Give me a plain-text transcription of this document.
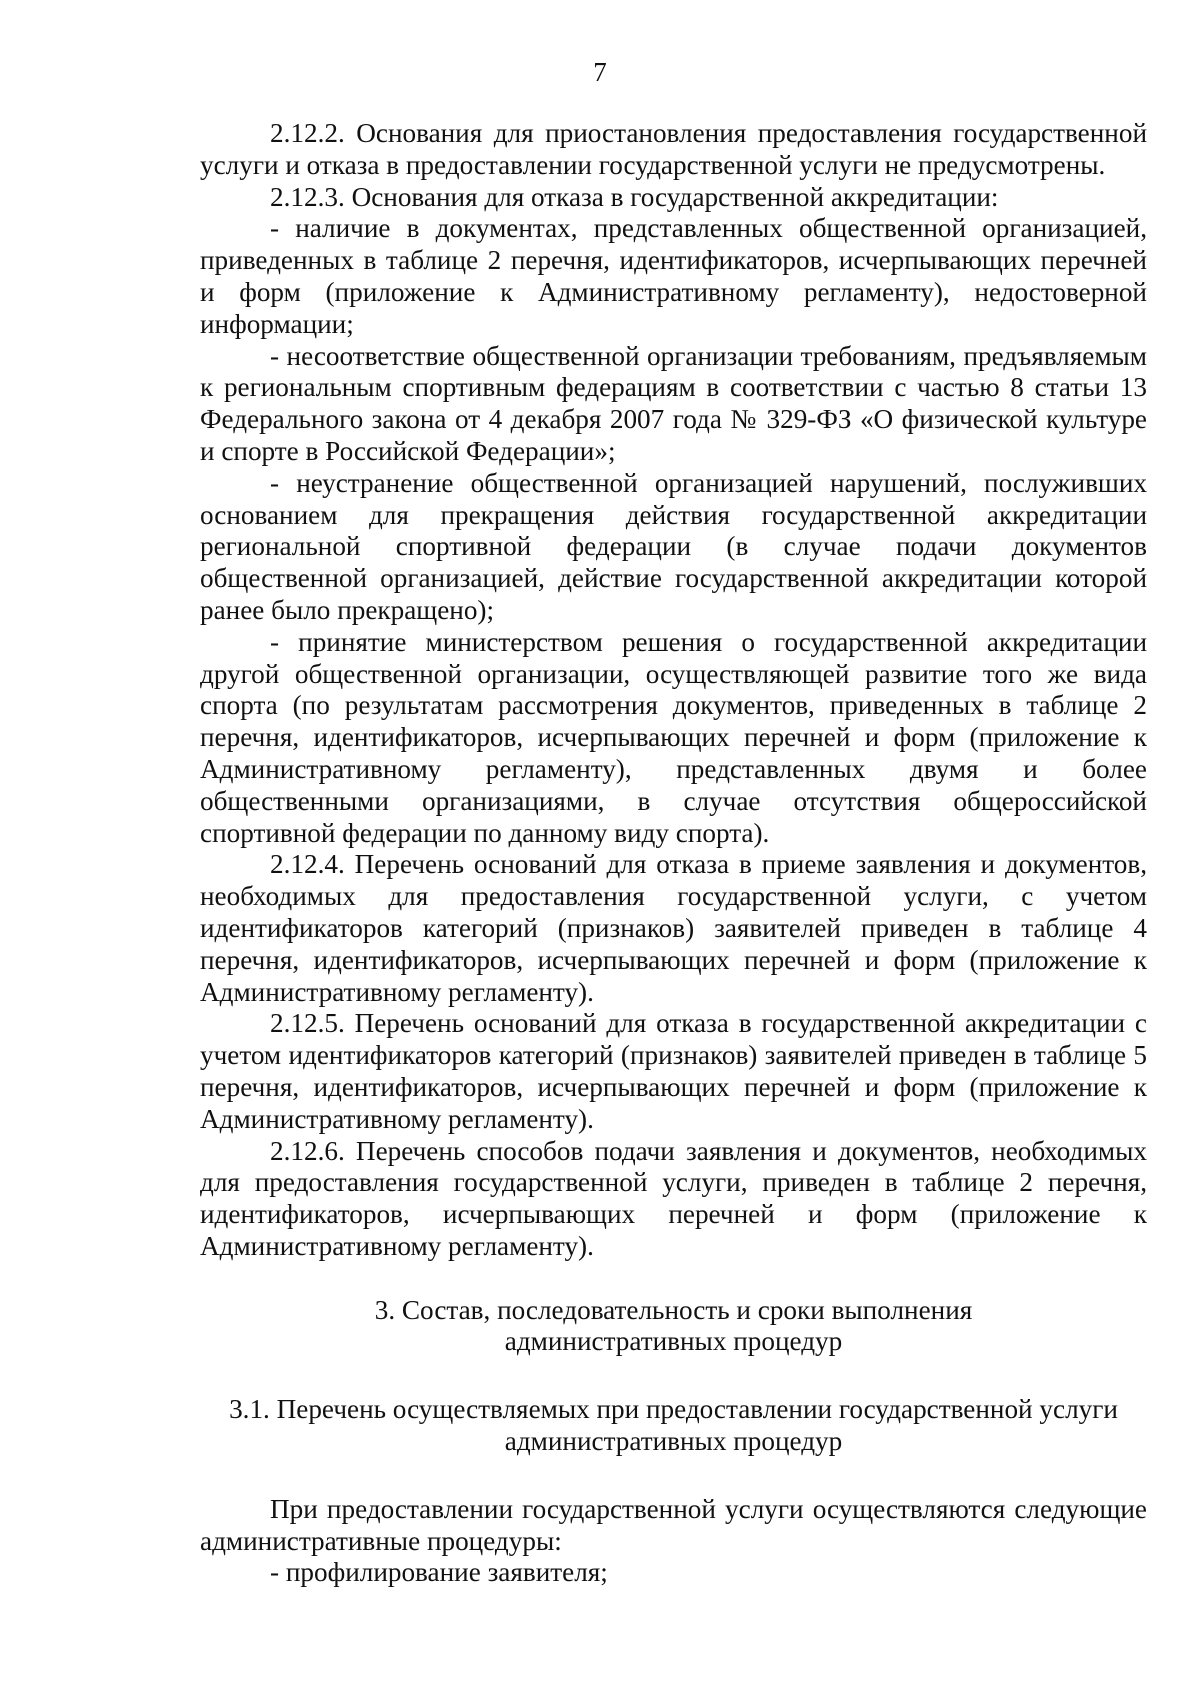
7

2.12.2. Основания для приостановления предоставления государственной услуги и отказа в предоставлении государственной услуги не предусмотрены.

2.12.3. Основания для отказа в государственной аккредитации:

- наличие в документах, представленных общественной организацией, приведенных в таблице 2 перечня, идентификаторов, исчерпывающих перечней и форм (приложение к Административному регламенту), недостоверной информации;

- несоответствие общественной организации требованиям, предъявляемым к региональным спортивным федерациям в соответствии с частью 8 статьи 13 Федерального закона от 4 декабря 2007 года № 329-ФЗ «О физической культуре и спорте в Российской Федерации»;

- неустранение общественной организацией нарушений, послуживших основанием для прекращения действия государственной аккредитации региональной спортивной федерации (в случае подачи документов общественной организацией, действие государственной аккредитации которой ранее было прекращено);

- принятие министерством решения о государственной аккредитации другой общественной организации, осуществляющей развитие того же вида спорта (по результатам рассмотрения документов, приведенных в таблице 2 перечня, идентификаторов, исчерпывающих перечней и форм (приложение к Административному регламенту), представленных двумя и более общественными организациями, в случае отсутствия общероссийской спортивной федерации по данному виду спорта).

2.12.4. Перечень оснований для отказа в приеме заявления и документов, необходимых для предоставления государственной услуги, с учетом идентификаторов категорий (признаков) заявителей приведен в таблице 4 перечня, идентификаторов, исчерпывающих перечней и форм (приложение к Административному регламенту).

2.12.5. Перечень оснований для отказа в государственной аккредитации с учетом идентификаторов категорий (признаков) заявителей приведен в таблице 5 перечня, идентификаторов, исчерпывающих перечней и форм (приложение к Административному регламенту).

2.12.6. Перечень способов подачи заявления и документов, необходимых для предоставления государственной услуги, приведен в таблице 2 перечня, идентификаторов, исчерпывающих перечней и форм (приложение к Административному регламенту).

3. Состав, последовательность и сроки выполнения
административных процедур

3.1. Перечень осуществляемых при предоставлении государственной услуги
административных процедур

При предоставлении государственной услуги осуществляются следующие административные процедуры:

- профилирование заявителя;
